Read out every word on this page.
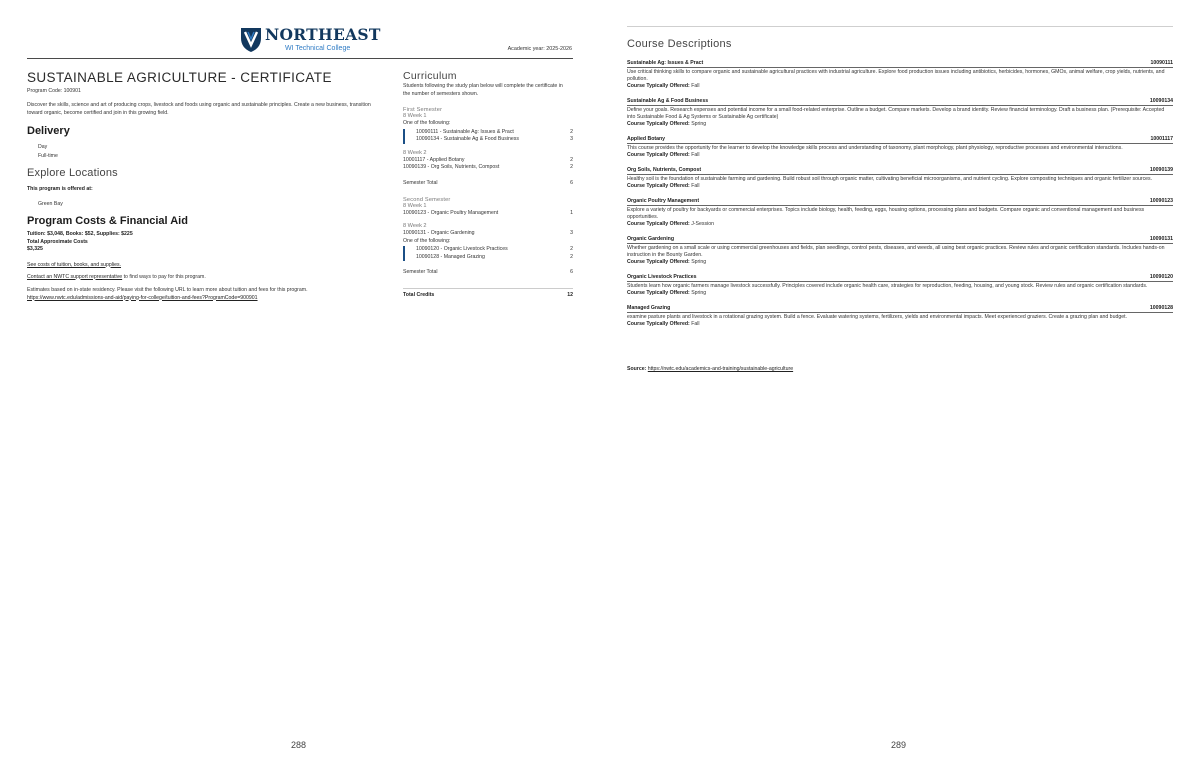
NORTHEAST
WI Technical College	Academic year: 2025-2026
SUSTAINABLE AGRICULTURE - CERTIFICATE
Program Code: 100901
Discover the skills, science and art of producing crops, livestock and foods using organic and sustainable principles. Create a new business, transition toward organic, become certified and join in this growing field.
Delivery
Day
Full-time
Explore Locations
This program is offered at:
Green Bay
Program Costs & Financial Aid
Tuition: $3,048, Books: $52, Supplies: $225
Total Approximate Costs
$3,325
See costs of tuition, books, and supplies.
Contact an NWTC support representative to find ways to pay for this program.
Estimates based on in-state residency. Please visit the following URL to learn more about tuition and fees for this program.
https://www.nwtc.edu/admissions-and-aid/paying-for-college/tuition-and-fees?ProgramCode=900901
Curriculum
Students following the study plan below will complete the certificate in the number of semesters shown.
First Semester
8 Week 1
One of the following:
10090111 - Sustainable Ag: Issues & Pract	2
10090134 - Sustainable Ag & Food Business	3
8 Week 2
10001117 - Applied Botany	2
10090139 - Org Soils, Nutrients, Compost	2
Semester Total	6
Second Semester
8 Week 1
10090123 - Organic Poultry Management	1
8 Week 2
10090131 - Organic Gardening	3
One of the following:
10090120 - Organic Livestock Practices	2
10090128 - Managed Grazing	2
Semester Total	6
Total Credits	12
288
Course Descriptions
Sustainable Ag: Issues & Pract	10090111
Use critical thinking skills to compare organic and sustainable agricultural practices with industrial agriculture. Explore food production issues including antibiotics, herbicides, hormones, GMOs, animal welfare, crop yields, nutrients, and pollution.
Course Typically Offered: Fall
Sustainable Ag & Food Business	10090134
Define your goals. Research expenses and potential income for a small food-related enterprise. Outline a budget. Compare markets. Develop a brand identity. Review financial terminology. Draft a business plan. (Prerequisite: Accepted into Sustainable Food & Ag Systems or Sustainable Ag certificate)
Course Typically Offered: Spring
Applied Botany	10001117
This course provides the opportunity for the learner to develop the knowledge skills process and understanding of taxonomy, plant morphology, plant physiology, reproductive processes and environmental interactions.
Course Typically Offered: Fall
Org Soils, Nutrients, Compost	10090139
Healthy soil is the foundation of sustainable farming and gardening. Build robust soil through organic matter, cultivating beneficial microorganisms, and nutrient cycling. Explore composting techniques and organic fertilizer sources.
Course Typically Offered: Fall
Organic Poultry Management	10090123
Explore a variety of poultry for backyards or commercial enterprises. Topics include biology, health, feeding, eggs, housing options, processing plans and budgets. Compare organic and conventional management and business opportunities.
Course Typically Offered: J-Session
Organic Gardening	10090131
Whether gardening on a small scale or using commercial greenhouses and fields, plan seedlings, control pests, diseases, and weeds, all using best organic practices. Review rules and organic certification standards. Includes hands-on instruction in the Bounty Garden.
Course Typically Offered: Spring
Organic Livestock Practices	10090120
Students learn how organic farmers manage livestock successfully. Principles covered include organic health care, strategies for reproduction, feeding, housing, and young stock. Review rules and organic certification standards.
Course Typically Offered: Spring
Managed Grazing	10090128
examine pasture plants and livestock in a rotational grazing system. Build a fence. Evaluate watering systems, fertilizers, yields and environmental impacts. Meet experienced graziers. Create a grazing plan and budget.
Course Typically Offered: Fall
Source: https://nwtc.edu/academics-and-training/sustainable-agriculture
289
